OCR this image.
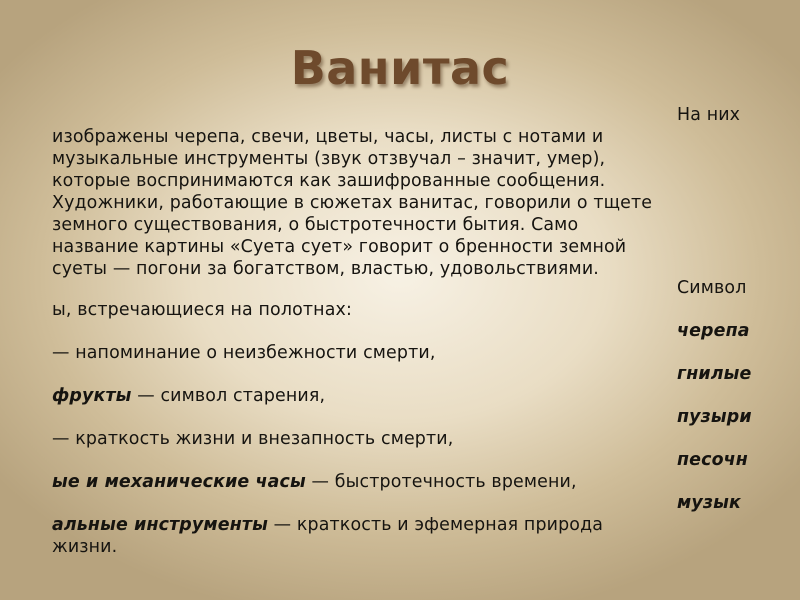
Ванитас
На них
изображены черепа, свечи, цветы, часы, листы с нотами и
музыкальные инструменты (звук отзвучал – значит, умер),
которые воспринимаются как зашифрованные сообщения.
Художники, работающие в сюжетах ванитас, говорили о тщете
земного существования, о быстротечности бытия. Само
название картины «Суета сует» говорит о бренности земной
суеты — погони за богатством, властью, удовольствиями.
Символ
ы, встречающиеся на полотнах:
черепа
— напоминание о неизбежности смерти,
гнилые
фрукты — символ старения,
пузыри
— краткость жизни и внезапность смерти,
песочн
ые и механические часы — быстротечность времени,
музык
альные инструменты — краткость и эфемерная природа
жизни.
